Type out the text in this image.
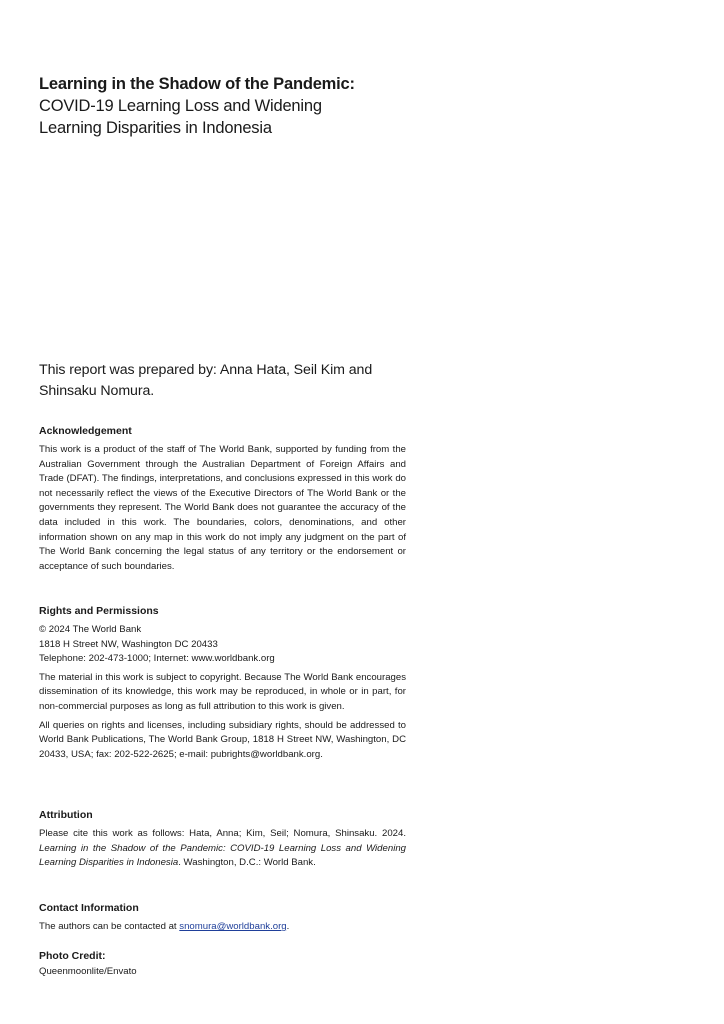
Learning in the Shadow of the Pandemic:

COVID-19 Learning Loss and Widening

Learning Disparities in Indonesia

This report was prepared by: Anna Hata, Seil Kim and Shinsaku Nomura.

Acknowledgement

This work is a product of the staff of The World Bank, supported by funding from the Australian Government through the Australian Department of Foreign Affairs and Trade (DFAT). The findings, interpretations, and conclusions expressed in this work do not necessarily reflect the views of the Executive Directors of The World Bank or the governments they represent. The World Bank does not guarantee the accuracy of the data included in this work. The boundaries, colors, denominations, and other information shown on any map in this work do not imply any judgment on the part of The World Bank concerning the legal status of any territory or the endorsement or acceptance of such boundaries.

Rights and Permissions

© 2024 The World Bank

1818 H Street NW, Washington DC 20433

Telephone: 202-473-1000; Internet: www.worldbank.org

The material in this work is subject to copyright. Because The World Bank encourages dissemination of its knowledge, this work may be reproduced, in whole or in part, for non-commercial purposes as long as full attribution to this work is given.

All queries on rights and licenses, including subsidiary rights, should be addressed to World Bank Publications, The World Bank Group, 1818 H Street NW, Washington, DC 20433, USA; fax: 202-522-2625; e-mail: pubrights@worldbank.org.

Attribution

Please cite this work as follows: Hata, Anna; Kim, Seil; Nomura, Shinsaku. 2024. Learning in the Shadow of the Pandemic: COVID-19 Learning Loss and Widening Learning Disparities in Indonesia. Washington, D.C.: World Bank.

Contact Information

The authors can be contacted at snomura@worldbank.org.

Photo Credit:

Queenmoonlite/Envato
